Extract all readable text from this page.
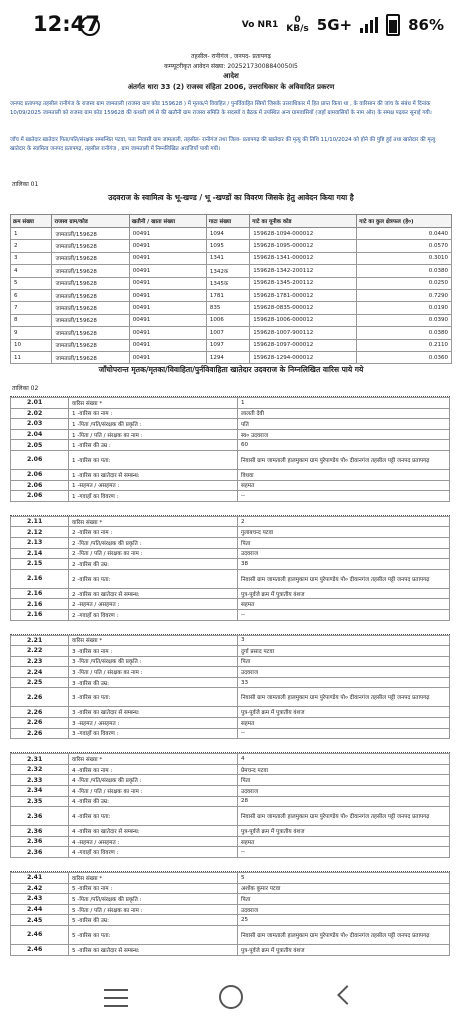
12:47	Vo NR1	0
KB/s 5G+	86%
तहसील- रानीगंज , जनपद- प्रतापगढ़
कम्प्यूटरीकृत आवेदन संख्या: 20252173008840050I5
आदेश
अंतर्गत धारा 33 (2) राजस्व संहिता 2006, उत्तराधिकार के अविवादित प्रकरण
जनपद प्रतापगढ़ तहसील रानीगंज के राजस्व ग्राम जामताली (राजस्व ग्राम कोड 159628 ) में मृतक/ने विवाहित / पुनर्विवाहित स्त्रियों जिसके उत्तराधिकार में हित प्राप्त किया था , के वारिसान की जांच के संबंध में दिनांक 10/09/2025 जामताली को राजस्व ग्राम कोड 159628 की कथली वर्ष से की खतौनी ग्राम राजस्व समिति के सदस्यों व बैठक में उपस्थित अन्य ग्रामवासियों (जहाँ ग्रामवासियों के नाम ओर) के समक्ष पढ़कर सुनाई गयी।
जाँच में खातेदार खातेदार पिता/पति/संरक्षक सम्बन्धित पटवा, पता निवासी ग्राम जामताली, तहसील- रानीगंज तथा जिला- प्रतापगढ़ की खातेदार की मृत्यु की तिथि 11/10/2024 को होने की पुष्टि हुई तथा खातेदार की मृत्यु खातेदार के स्वामित्व जनपद प्रतापगढ़, तहसील रानीगंज , ग्राम जामताली में निम्नलिखित अराजियाँ पायी गयी।
तालिका 01
उदवराज के स्वामित्व के भू-खण्ड / भू -खण्डों का विवरण जिसके हेतु आवेदन किया गया है
क्रम संख्या	राजस्व ग्राम/कोड	खतौनी / खाता संख्या	गाटा संख्या	गाटे का यूनीक कोड	गाटे का कुल क्षेत्रफल (हे०)
1	जामताली/159628	00491	1094	159628-1094-000012	0.0440
2	जामताली/159628	00491	1095	159628-1095-000012	0.0570
3	जामताली/159628	00491	1341	159628-1341-000012	0.3010
4	जामताली/159628	00491	1342क	159628-1342-200112	0.0380
5	जामताली/159628	00491	1345क	159628-1345-200112	0.0250
6	जामताली/159628	00491	1781	159628-1781-000012	0.7290
7	जामताली/159628	00491	835	159628-0835-000012	0.0190
8	जामताली/159628	00491	1006	159628-1006-000012	0.0390
9	जामताली/159628	00491	1007	159628-1007-900112	0.0380
10	जामताली/159628	00491	1097	159628-1097-000012	0.2110
11	जामताली/159628	00491	1294	159628-1294-000012	0.0360
जाँचोपरान्त मृतक/मृतका/विवाहिता/पुर्नविवाहिता खातेदार उदवराज के निम्नलिखित वारिस पाये गये
तालिका 02
2.01	वारिस संख्या *	1
2.02	1 -वारिस का नाम :	लालती देवी
2.03	1 -पिता /पति/संरक्षक की प्रकृति :	पति
2.04	1 -पिता / पति / संरक्षक का नाम :	स्व० उदवराज
2.05	1 -वारिस की उम्र :	60
2.06	1 -वारिस का पता:	निवासी ग्राम जामताली हालमुकाम ग्राम पुरेपाण्डेय पो० दीवानगंज तहसील पट्टी जनपद प्रतापगढ़
2.06	1 -वारिस का खातेदार से सम्बन्ध:	विधवा
2.06	1 -सहमत / असहमत :	सहमत
2.06	1 -गवाहों का विवरण :	--
2.11	वारिस संख्या *	2
2.12	2 -वारिस का नाम :	गुलाबचन्द पटवा
2.13	2 -पिता /पति/संरक्षक की प्रकृति :	पिता
2.14	2 -पिता / पति / संरक्षक का नाम :	उदवराज
2.15	2 -वारिस की उम्र:	38
2.16	2 -वारिस का पता:	निवासी ग्राम जामताली हालमुकाम ग्राम पुरेपाण्डेय पो० दीवानगंज तहसील पट्टी जनपद प्रतापगढ़
2.16	2 -वारिस का खातेदार से सम्बन्ध:	पुत्र-पूर्वजे क्रम में पुत्रातीय वंशज
2.16	2 -सहमत / असहमत :	सहमत
2.16	2 -गवाहों का विवरण :	--
2.21	वारिस संख्या *	3
2.22	3 -वारिस का नाम :	दुर्गा प्रसाद पटवा
2.23	3 -पिता /पति/संरक्षक की प्रकृति :	पिता
2.24	3 -पिता / पति / संरक्षक का नाम :	उदवराज
2.25	3 -वारिस की उम्र:	33
2.26	3 -वारिस का पता:	निवासी ग्राम जामताली हालमुकाम ग्राम पुरेपाण्डेय पो० दीवानगंज तहसील पट्टी जनपद प्रतापगढ़
2.26	3 -वारिस का खातेदार से सम्बन्ध:	पुत्र-पूर्वजे क्रम में पुत्रातीय वंशज
2.26	3 -सहमत / असहमत :	सहमत
2.26	3 -गवाहों का विवरण :	--
2.31	वारिस संख्या *	4
2.32	4 -वारिस का नाम :	प्रेमचन्द पटवा
2.33	4 -पिता /पति/संरक्षक की प्रकृति :	पिता
2.34	4 -पिता / पति / संरक्षक का नाम :	उदवराज
2.35	4 -वारिस की उम्र:	28
2.36	4 -वारिस का पता:	निवासी ग्राम जामताली हालमुकाम ग्राम पुरेपाण्डेय पो० दीवानगंज तहसील पट्टी जनपद प्रतापगढ़
2.36	4 -वारिस का खातेदार से सम्बन्ध:	पुत्र-पूर्वजे क्रम में पुत्रातीय वंशज
2.36	4 -सहमत / असहमत :	सहमत
2.36	4 -गवाहों का विवरण :	--
2.41	वारिस संख्या *	5
2.42	5 -वारिस का नाम :	अशोक कुमार पटवा
2.43	5 -पिता /पति/संरक्षक की प्रकृति :	पिता
2.44	5 -पिता / पति / संरक्षक का नाम :	उदवराज
2.45	5 -वारिस की उम्र:	25
2.46	5 -वारिस का पता:	निवासी ग्राम जामताली हालमुकाम ग्राम पुरेपाण्डेय पो० दीवानगंज तहसील पट्टी जनपद प्रतापगढ़
2.46	5 -वारिस का खातेदार से सम्बन्ध:	पुत्र-पूर्वजे क्रम में पुत्रातीय वंशज
